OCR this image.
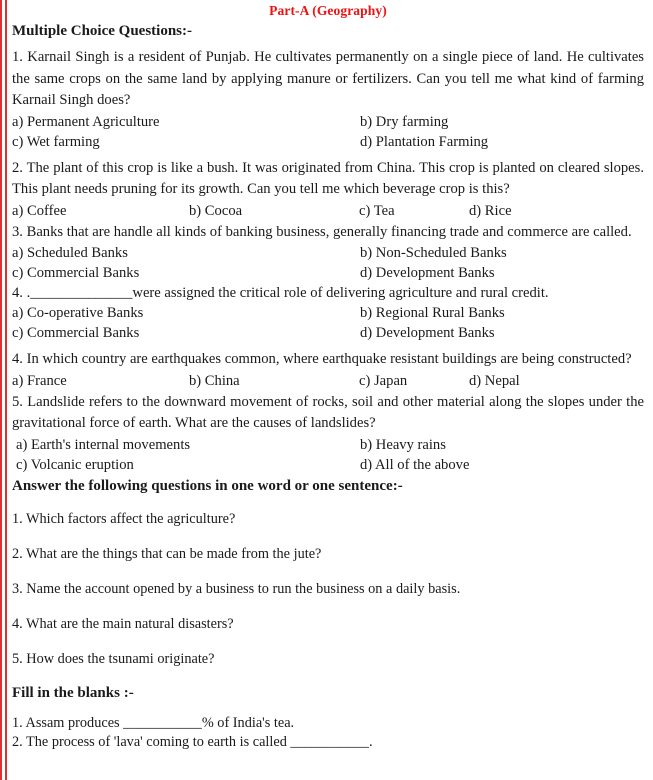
Part-A (Geography)
Multiple Choice Questions:-

1. Karnail Singh is a resident of Punjab. He cultivates permanently on a single piece of land. He cultivates the same crops on the same land by applying manure or fertilizers. Can you tell me what kind of farming Karnail Singh does?

a) Permanent Agriculture	b) Dry farming
c) Wet farming	d) Plantation Farming

2. The plant of this crop is like a bush. It was originated from China. This crop is planted on cleared slopes. This plant needs pruning for its growth. Can you tell me which beverage crop is this?

a) Coffee	b) Cocoa	c) Tea	d) Rice

3. Banks that are handle all kinds of banking business, generally financing trade and commerce are called.

a) Scheduled Banks	b) Non-Scheduled Banks
c) Commercial Banks	d) Development Banks
4. .______________were assigned the critical role of delivering agriculture and rural credit.
a) Co-operative Banks	b) Regional Rural Banks
c) Commercial Banks	d) Development Banks

4. In which country are earthquakes common, where earthquake resistant buildings are being constructed?

a) France	b) China	c) Japan	d) Nepal

5. Landslide refers to the downward movement of rocks, soil and other material along the slopes under the gravitational force of earth. What are the causes of landslides?

a) Earth's internal movements	b) Heavy rains
c) Volcanic eruption	d) All of the above
Answer the following questions in one word or one sentence:-
1. Which factors affect the agriculture?
2. What are the things that can be made from the jute?
3. Name the account opened by a business to run the business on a daily basis.
4. What are the main natural disasters?
5. How does the tsunami originate?
Fill in the blanks :-
1. Assam produces ___________% of India's tea.
2. The process of 'lava' coming to earth is called ___________.
